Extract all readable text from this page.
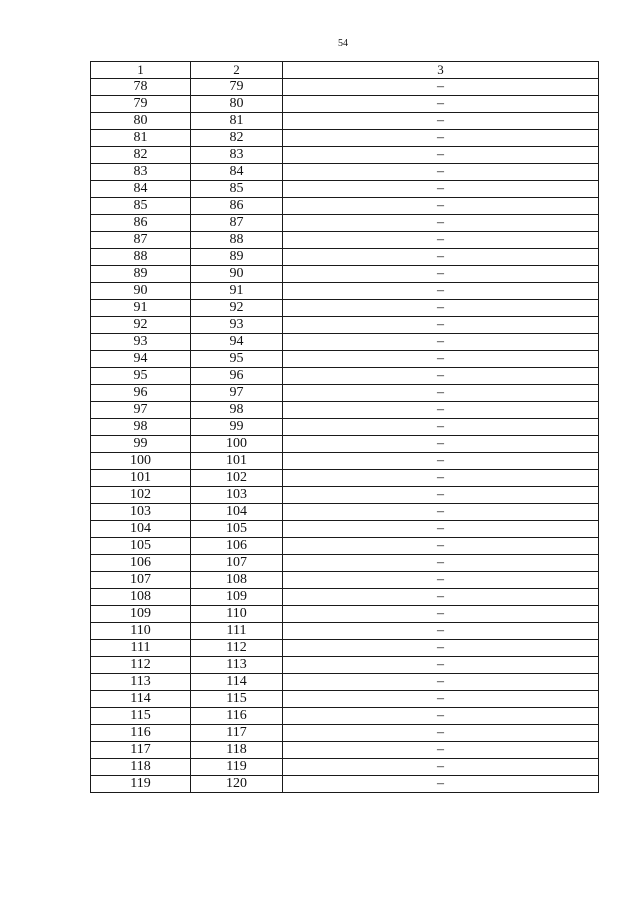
54
1	2	3
78	79	–
79	80	–
80	81	–
81	82	–
82	83	–
83	84	–
84	85	–
85	86	–
86	87	–
87	88	–
88	89	–
89	90	–
90	91	–
91	92	–
92	93	–
93	94	–
94	95	–
95	96	–
96	97	–
97	98	–
98	99	–
99	100	–
100	101	–
101	102	–
102	103	–
103	104	–
104	105	–
105	106	–
106	107	–
107	108	–
108	109	–
109	110	–
110	111	–
111	112	–
112	113	–
113	114	–
114	115	–
115	116	–
116	117	–
117	118	–
118	119	–
119	120	–
